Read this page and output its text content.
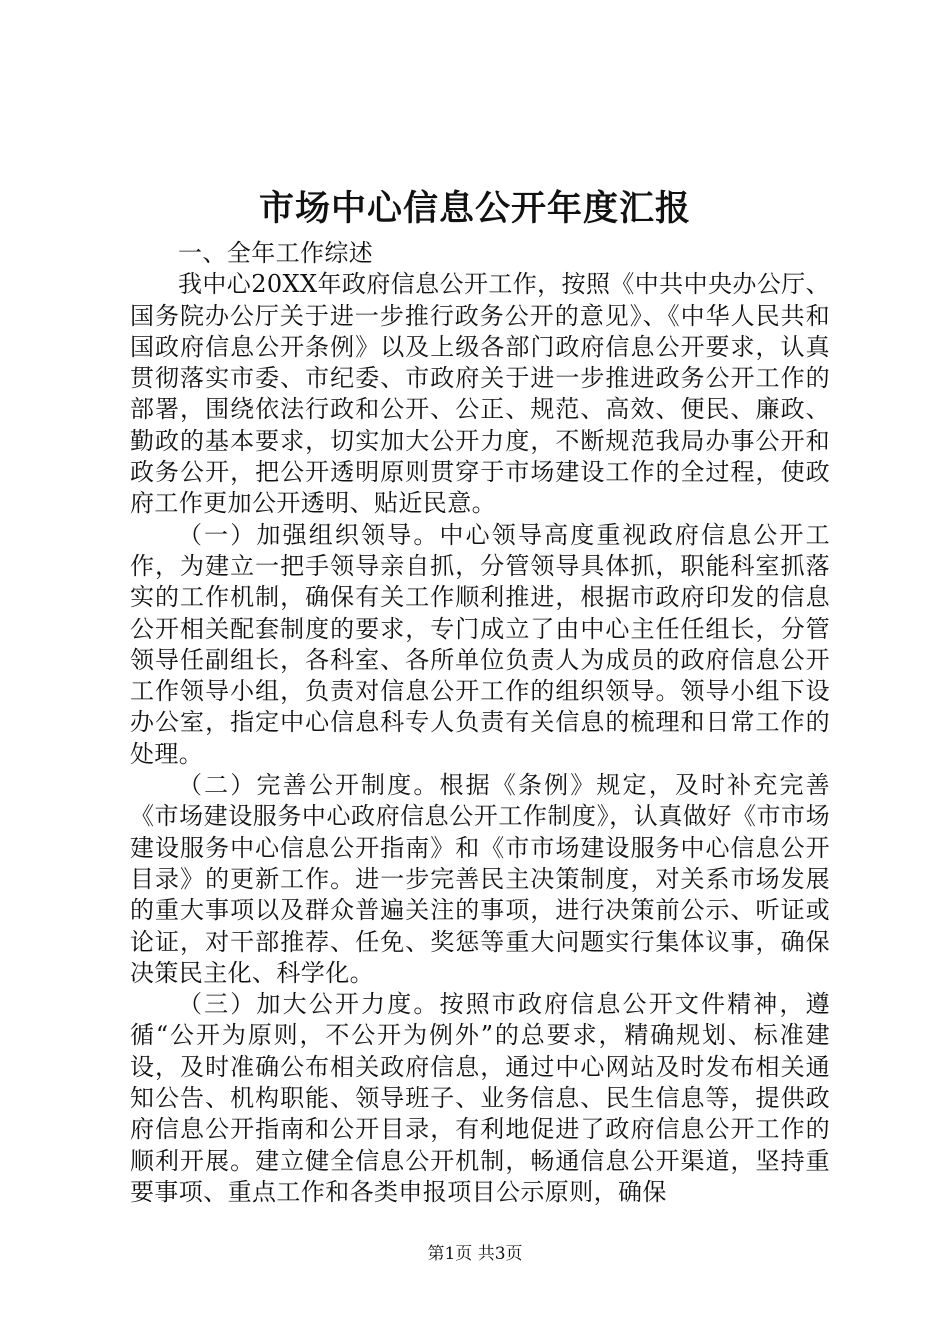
市场中心信息公开年度汇报

一、全年工作综述

我中心20XX年政府信息公开工作，按照《中共中央办公厅、国务院办公厅关于进一步推行政务公开的意见》、《中华人民共和国政府信息公开条例》以及上级各部门政府信息公开要求，认真贯彻落实市委、市纪委、市政府关于进一步推进政务公开工作的部署，围绕依法行政和公开、公正、规范、高效、便民、廉政、勤政的基本要求，切实加大公开力度，不断规范我局办事公开和政务公开，把公开透明原则贯穿于市场建设工作的全过程，使政府工作更加公开透明、贴近民意。

（一）加强组织领导。中心领导高度重视政府信息公开工作，为建立一把手领导亲自抓，分管领导具体抓，职能科室抓落实的工作机制，确保有关工作顺利推进，根据市政府印发的信息公开相关配套制度的要求，专门成立了由中心主任任组长，分管领导任副组长，各科室、各所单位负责人为成员的政府信息公开工作领导小组，负责对信息公开工作的组织领导。领导小组下设办公室，指定中心信息科专人负责有关信息的梳理和日常工作的处理。

（二）完善公开制度。根据《条例》规定，及时补充完善《市场建设服务中心政府信息公开工作制度》，认真做好《市市场建设服务中心信息公开指南》和《市市场建设服务中心信息公开目录》的更新工作。进一步完善民主决策制度，对关系市场发展的重大事项以及群众普遍关注的事项，进行决策前公示、听证或论证，对干部推荐、任免、奖惩等重大问题实行集体议事，确保决策民主化、科学化。

（三）加大公开力度。按照市政府信息公开文件精神，遵循“公开为原则，不公开为例外”的总要求，精确规划、标准建设，及时准确公布相关政府信息，通过中心网站及时发布相关通知公告、机构职能、领导班子、业务信息、民生信息等，提供政府信息公开指南和公开目录，有利地促进了政府信息公开工作的顺利开展。建立健全信息公开机制，畅通信息公开渠道，坚持重要事项、重点工作和各类申报项目公示原则，确保

第1页 共3页
